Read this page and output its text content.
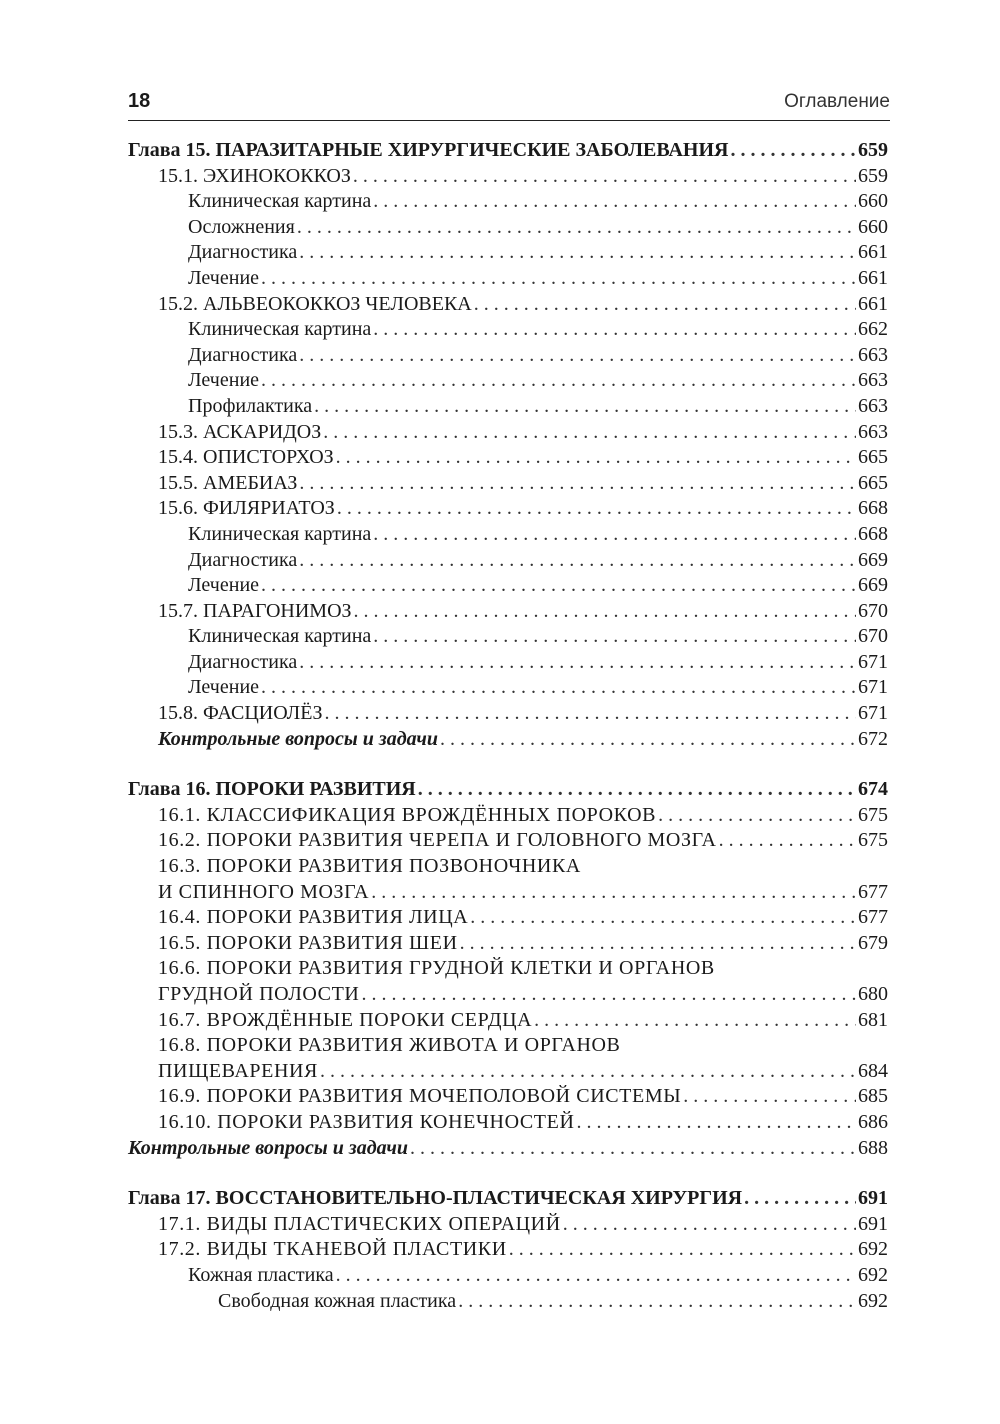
18	Оглавление
Глава 15. ПАРАЗИТАРНЫЕ ХИРУРГИЧЕСКИЕ ЗАБОЛЕВАНИЯ . . .	659
15.1. ЭХИНОКОККОЗ . . .	659
Клиническая картина . . .	660
Осложнения . . .	660
Диагностика . . .	661
Лечение . . .	661
15.2. АЛЬВЕОКОККОЗ ЧЕЛОВЕКА . . .	661
Клиническая картина . . .	662
Диагностика . . .	663
Лечение . . .	663
Профилактика . . .	663
15.3. АСКАРИДОЗ . . .	663
15.4. ОПИСТОРХОЗ . . .	665
15.5. АМЕБИАЗ . . .	665
15.6. ФИЛЯРИАТОЗ . . .	668
Клиническая картина . . .	668
Диагностика . . .	669
Лечение . . .	669
15.7. ПАРАГОНИМОЗ . . .	670
Клиническая картина . . .	670
Диагностика . . .	671
Лечение . . .	671
15.8. ФАСЦИОЛЁЗ . . .	671
Контрольные вопросы и задачи . . .	672
Глава 16. ПОРОКИ РАЗВИТИЯ . . .	674
16.1. КЛАССИФИКАЦИЯ ВРОЖДЁННЫХ ПОРОКОВ . . .	675
16.2. ПОРОКИ РАЗВИТИЯ ЧЕРЕПА И ГОЛОВНОГО МОЗГА . . .	675
16.3. ПОРОКИ РАЗВИТИЯ ПОЗВОНОЧНИКА
И СПИННОГО МОЗГА . . .	677
16.4. ПОРОКИ РАЗВИТИЯ ЛИЦА . . .	677
16.5. ПОРОКИ РАЗВИТИЯ ШЕИ . . .	679
16.6. ПОРОКИ РАЗВИТИЯ ГРУДНОЙ КЛЕТКИ И ОРГАНОВ
ГРУДНОЙ ПОЛОСТИ . . .	680
16.7. ВРОЖДЁННЫЕ ПОРОКИ СЕРДЦА . . .	681
16.8. ПОРОКИ РАЗВИТИЯ ЖИВОТА И ОРГАНОВ
ПИЩЕВАРЕНИЯ . . .	684
16.9. ПОРОКИ РАЗВИТИЯ МОЧЕПОЛОВОЙ СИСТЕМЫ . . .	685
16.10. ПОРОКИ РАЗВИТИЯ КОНЕЧНОСТЕЙ . . .	686
Контрольные вопросы и задачи . . .	688
Глава 17. ВОССТАНОВИТЕЛЬНО-ПЛАСТИЧЕСКАЯ ХИРУРГИЯ . . .	691
17.1. ВИДЫ ПЛАСТИЧЕСКИХ ОПЕРАЦИЙ . . .	691
17.2. ВИДЫ ТКАНЕВОЙ ПЛАСТИКИ . . .	692
Кожная пластика . . .	692
Свободная кожная пластика . . .	692
